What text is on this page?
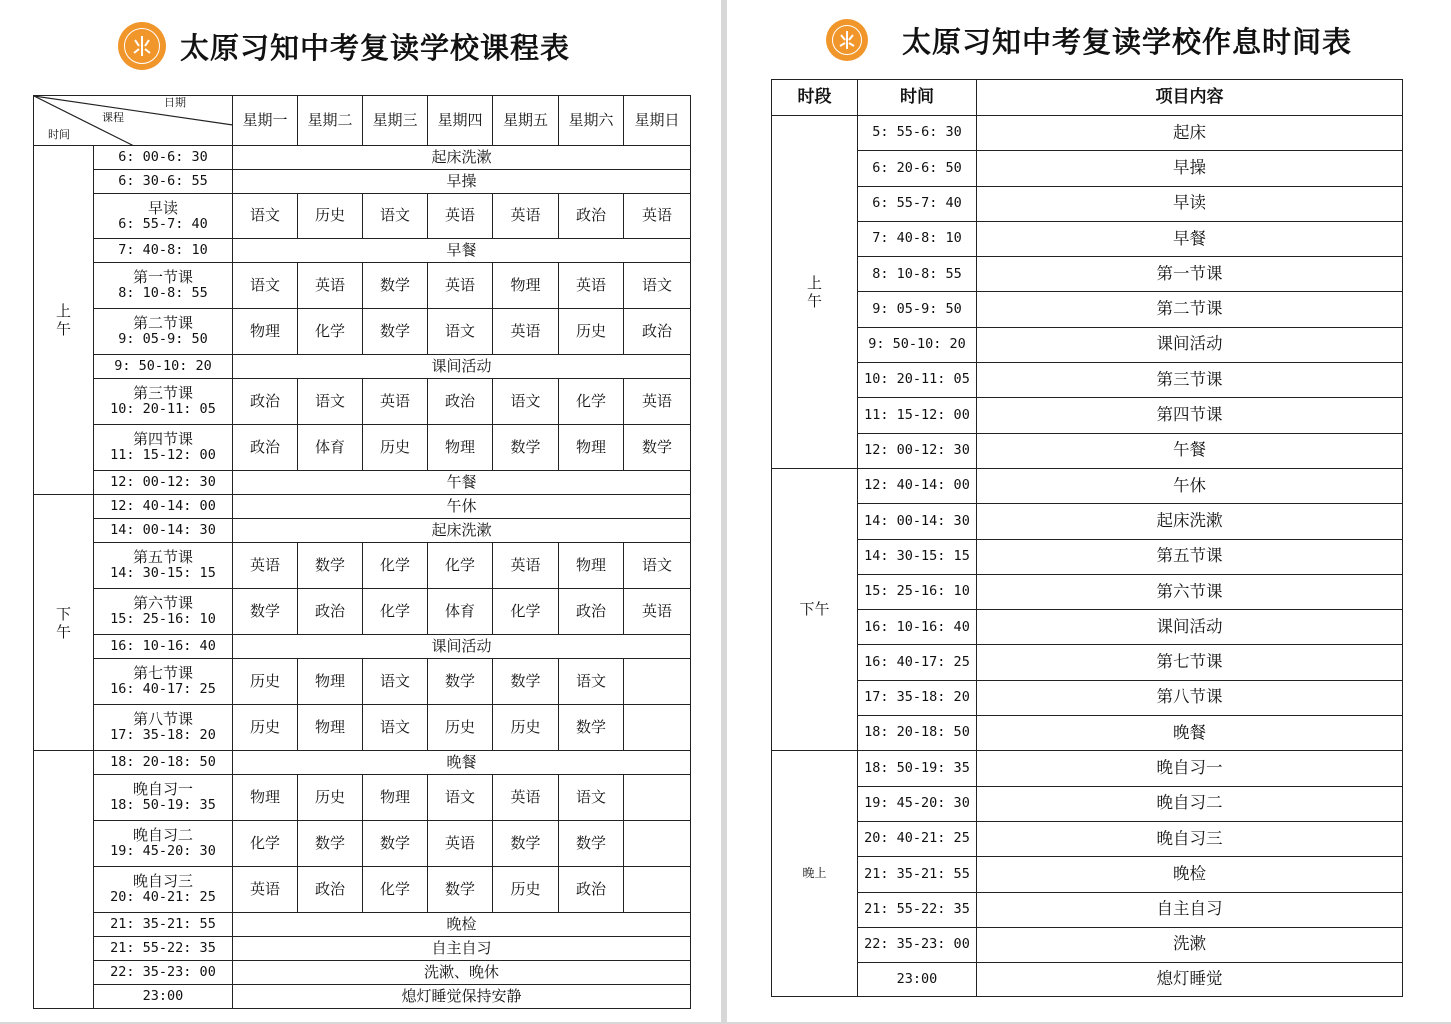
太原习知中考复读学校课程表	太原习知中考复读学校作息时间表
日期
课程
时间		星期一	星期二	星期三	星期四	星期五	星期六	星期日

上
午	6: 00-6: 30	起床洗漱						

	6: 30-6: 55	早操						

	早读
6: 55-7: 40	语文	历史	语文	英语	英语	政治	英语

	7: 40-8: 10	早餐						

	第一节课
8: 10-8: 55	语文	英语	数学	英语	物理	英语	语文

	第二节课
9: 05-9: 50	物理	化学	数学	语文	英语	历史	政治

	9: 50-10: 20	课间活动						

	第三节课
10: 20-11: 05	政治	语文	英语	政治	语文	化学	英语

	第四节课
11: 15-12: 00	政治	体育	历史	物理	数学	物理	数学

	12: 00-12: 30	午餐						

下
午	12: 40-14: 00	午休						

	14: 00-14: 30	起床洗漱						

	第五节课
14: 30-15: 15	英语	数学	化学	化学	英语	物理	语文

	第六节课
15: 25-16: 10	数学	政治	化学	体育	化学	政治	英语

	16: 10-16: 40	课间活动						

	第七节课
16: 40-17: 25	历史	物理	语文	数学	数学	语文	

	第八节课
17: 35-18: 20	历史	物理	语文	历史	历史	数学	

	18: 20-18: 50	晚餐						

	晚自习一
18: 50-19: 35	物理	历史	物理	语文	英语	语文	

	晚自习二
19: 45-20: 30	化学	数学	数学	英语	数学	数学	

	晚自习三
20: 40-21: 25	英语	政治	化学	数学	历史	政治	

	21: 35-21: 55	晚检						

	21: 55-22: 35	自主自习						

	22: 35-23: 00	洗漱、晚休						

	23:00	熄灯睡觉保持安静						
时段	时间	项目内容

上
午	5: 55-6: 30	起床
	6: 20-6: 50	早操
	6: 55-7: 40	早读
	7: 40-8: 10	早餐
	8: 10-8: 55	第一节课
	9: 05-9: 50	第二节课
	9: 50-10: 20	课间活动
	10: 20-11: 05	第三节课
	11: 15-12: 00	第四节课
	12: 00-12: 30	午餐
下午	12: 40-14: 00	午休
	14: 00-14: 30	起床洗漱
	14: 30-15: 15	第五节课
	15: 25-16: 10	第六节课
	16: 10-16: 40	课间活动
	16: 40-17: 25	第七节课
	17: 35-18: 20	第八节课
	18: 20-18: 50	晚餐
晚上	18: 50-19: 35	晚自习一
	19: 45-20: 30	晚自习二
	20: 40-21: 25	晚自习三
	21: 35-21: 55	晚检
	21: 55-22: 35	自主自习
	22: 35-23: 00	洗漱
	23:00	熄灯睡觉
